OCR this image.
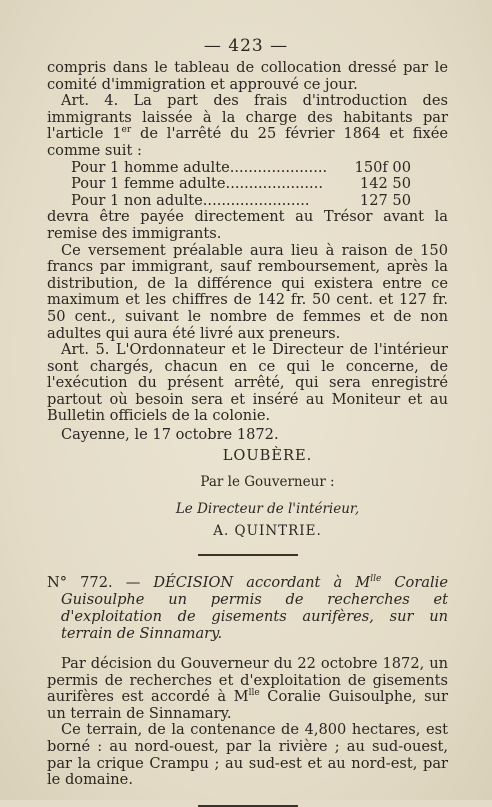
— 423 —

compris dans le tableau de collocation dressé par le comité d'immigration et approuvé ce jour.

Art. 4. La part des frais d'introduction des immigrants laissée à la charge des habitants par l'article 1er de l'arrêté du 25 février 1864 et fixée comme suit :

Pour 1 homme adulte.....................	150f 00
Pour 1 femme adulte.....................	142 50
Pour 1 non adulte.......................	127 50

devra être payée directement au Trésor avant la remise des immigrants.

Ce versement préalable aura lieu à raison de 150 francs par immigrant, sauf remboursement, après la distribution, de la différence qui existera entre ce maximum et les chiffres de 142 fr. 50 cent. et 127 fr. 50 cent., suivant le nombre de femmes et de non adultes qui aura été livré aux preneurs.

Art. 5. L'Ordonnateur et le Directeur de l'intérieur sont chargés, chacun en ce qui le concerne, de l'exécution du présent arrêté, qui sera enregistré partout où besoin sera et inséré au Moniteur et au Bulletin officiels de la colonie.

Cayenne, le 17 octobre 1872.

LOUBÈRE.
Par le Gouverneur :
Le Directeur de l'intérieur,
A. QUINTRIE.

N° 772. — DÉCISION accordant à $M^{lle}$ Coralie Guisoulphe un permis de recherches et d'exploitation de gisements aurifères, sur un terrain de Sinnamary.

Par décision du Gouverneur du 22 octobre 1872, un permis de recherches et d'exploitation de gisements aurifères est accordé à $M^{lle}$ Coralie Guisoulphe, sur un terrain de Sinnamary.

Ce terrain, de la contenance de 4,800 hectares, est borné : au nord-ouest, par la rivière ; au sud-ouest, par la crique Crampu ; au sud-est et au nord-est, par le domaine.
